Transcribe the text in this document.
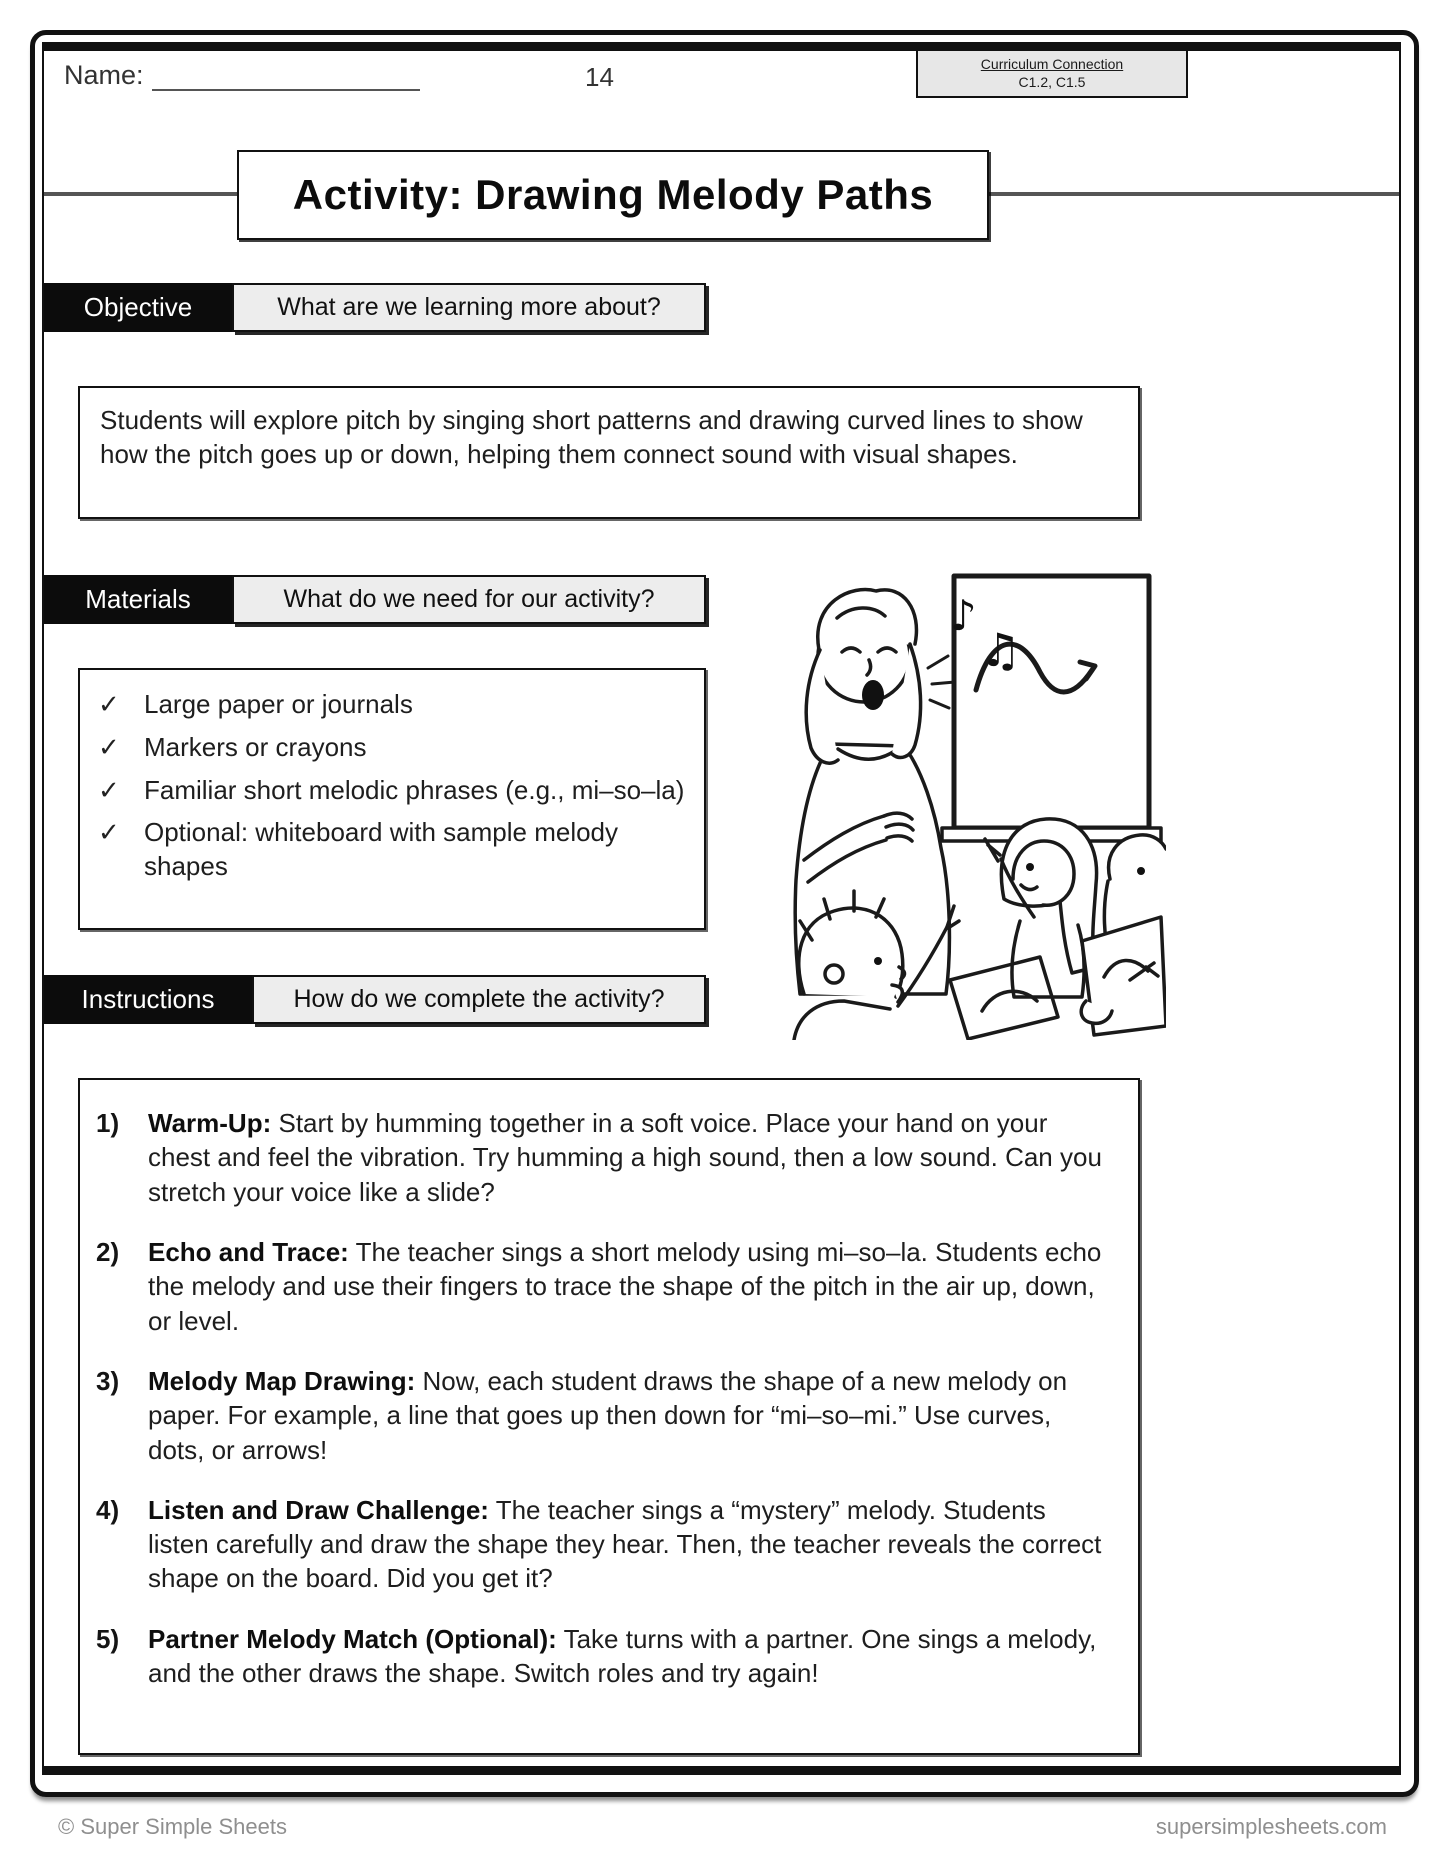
Curriculum Connection
C1.2, C1.5
Name:	14
Activity: Drawing Melody Paths
Objective	What are we learning more about?

Students will explore pitch by singing short patterns and drawing curved lines to show how the pitch goes up or down, helping them connect sound with visual shapes.

Materials	What do we need for our activity?
✓ Large paper or journals
✓ Markers or crayons
✓ Familiar short melodic phrases (e.g., mi–so–la)
✓ Optional: whiteboard with sample melody shapes
♪
♫
Instructions	How do we complete the activity?
1)	Warm-Up: Start by humming together in a soft voice. Place your hand on your chest and feel the vibration. Try humming a high sound, then a low sound. Can you stretch your voice like a slide?

2)	Echo and Trace: The teacher sings a short melody using mi–so–la. Students echo the melody and use their fingers to trace the shape of the pitch in the air up, down, or level.

3)	Melody Map Drawing: Now, each student draws the shape of a new melody on paper. For example, a line that goes up then down for “mi–so–mi.” Use curves, dots, or arrows!

4)	Listen and Draw Challenge: The teacher sings a “mystery” melody. Students listen carefully and draw the shape they hear. Then, the teacher reveals the correct shape on the board. Did you get it?

5)	Partner Melody Match (Optional): Take turns with a partner. One sings a melody, and the other draws the shape. Switch roles and try again!

© Super Simple Sheets	supersimplesheets.com
